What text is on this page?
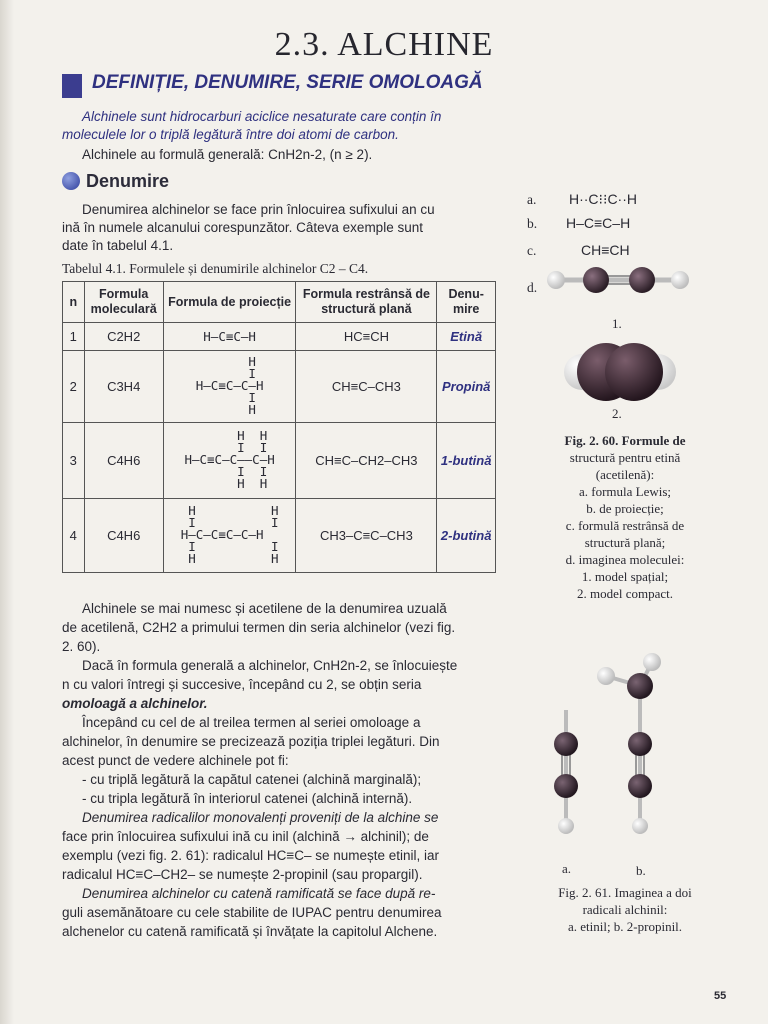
2.3. ALCHINE
DEFINIȚIE, DENUMIRE, SERIE OMOLOAGĂ
Alchinele sunt hidrocarburi aciclice nesaturate care conțin în
moleculele lor o triplă legătură între doi atomi de carbon.
Alchinele au formulă generală: CnH2n-2, (n ≥ 2).
Denumire
Denumirea alchinelor se face prin înlocuirea sufixului an cu
ină în numele alcanului corespunzător. Câteva exemple sunt
date în tabelul 4.1.
Tabelul 4.1. Formulele și denumirile alchinelor C2 – C4.
n	Formula moleculară	Formula de proiecție	Formula restrânsă de structură plană	Denu-mire
1	C2H2	H–C≡C–H	HC≡CH	Etină
2	C3H4	H
I
H–C≡C–C–H
I
H	CH≡C–CH3	Propină
3	C4H6	H  H
I  I
H–C≡C–C––C–H
I  I
H  H	CH≡C–CH2–CH3	1-butină
4	C4H6	H          H
I          I
H–C–C≡C–C–H
I          I
H          H	CH3–C≡C–CH3	2-butină
Alchinele se mai numesc și acetilene de la denumirea uzuală
de acetilenă, C2H2 a primului termen din seria alchinelor (vezi fig.
2. 60).
Dacă în formula generală a alchinelor, CnH2n-2, se înlocuiește
n cu valori întregi și succesive, începând cu 2, se obțin seria
omoloagă a alchinelor.
Începând cu cel de al treilea termen al seriei omoloage a
alchinelor, în denumire se precizează poziția triplei legături. Din
acest punct de vedere alchinele pot fi:
- cu triplă legătură la capătul catenei (alchină marginală);
- cu tripla legătură în interiorul catenei (alchină internă).
Denumirea radicalilor monovalenți proveniți de la alchine se
face prin înlocuirea sufixului ină cu inil (alchină → alchinil); de
exemplu (vezi fig. 2. 61): radicalul HC≡C– se numește etinil, iar
radicalul HC≡C–CH2– se numește 2-propinil (sau propargil).
Denumirea alchinelor cu catenă ramificată se face după re-
guli asemănătoare cu cele stabilite de IUPAC pentru denumirea
alchenelor cu catenă ramificată și învățate la capitolul Alchene.
a.
b.
c.
d.
H··C⁝⁝C··H
H–C≡C–H
CH≡CH
1.
2.
Fig. 2. 60. Formule de
structură pentru etină
(acetilenă):
a. formula Lewis;
b. de proiecție;
c. formulă restrânsă de
structură plană;
d. imaginea moleculei:
1. model spațial;
2. model compact.
a.	b.
Fig. 2. 61. Imaginea a doi
radicali alchinil:
a. etinil; b. 2-propinil.
55
